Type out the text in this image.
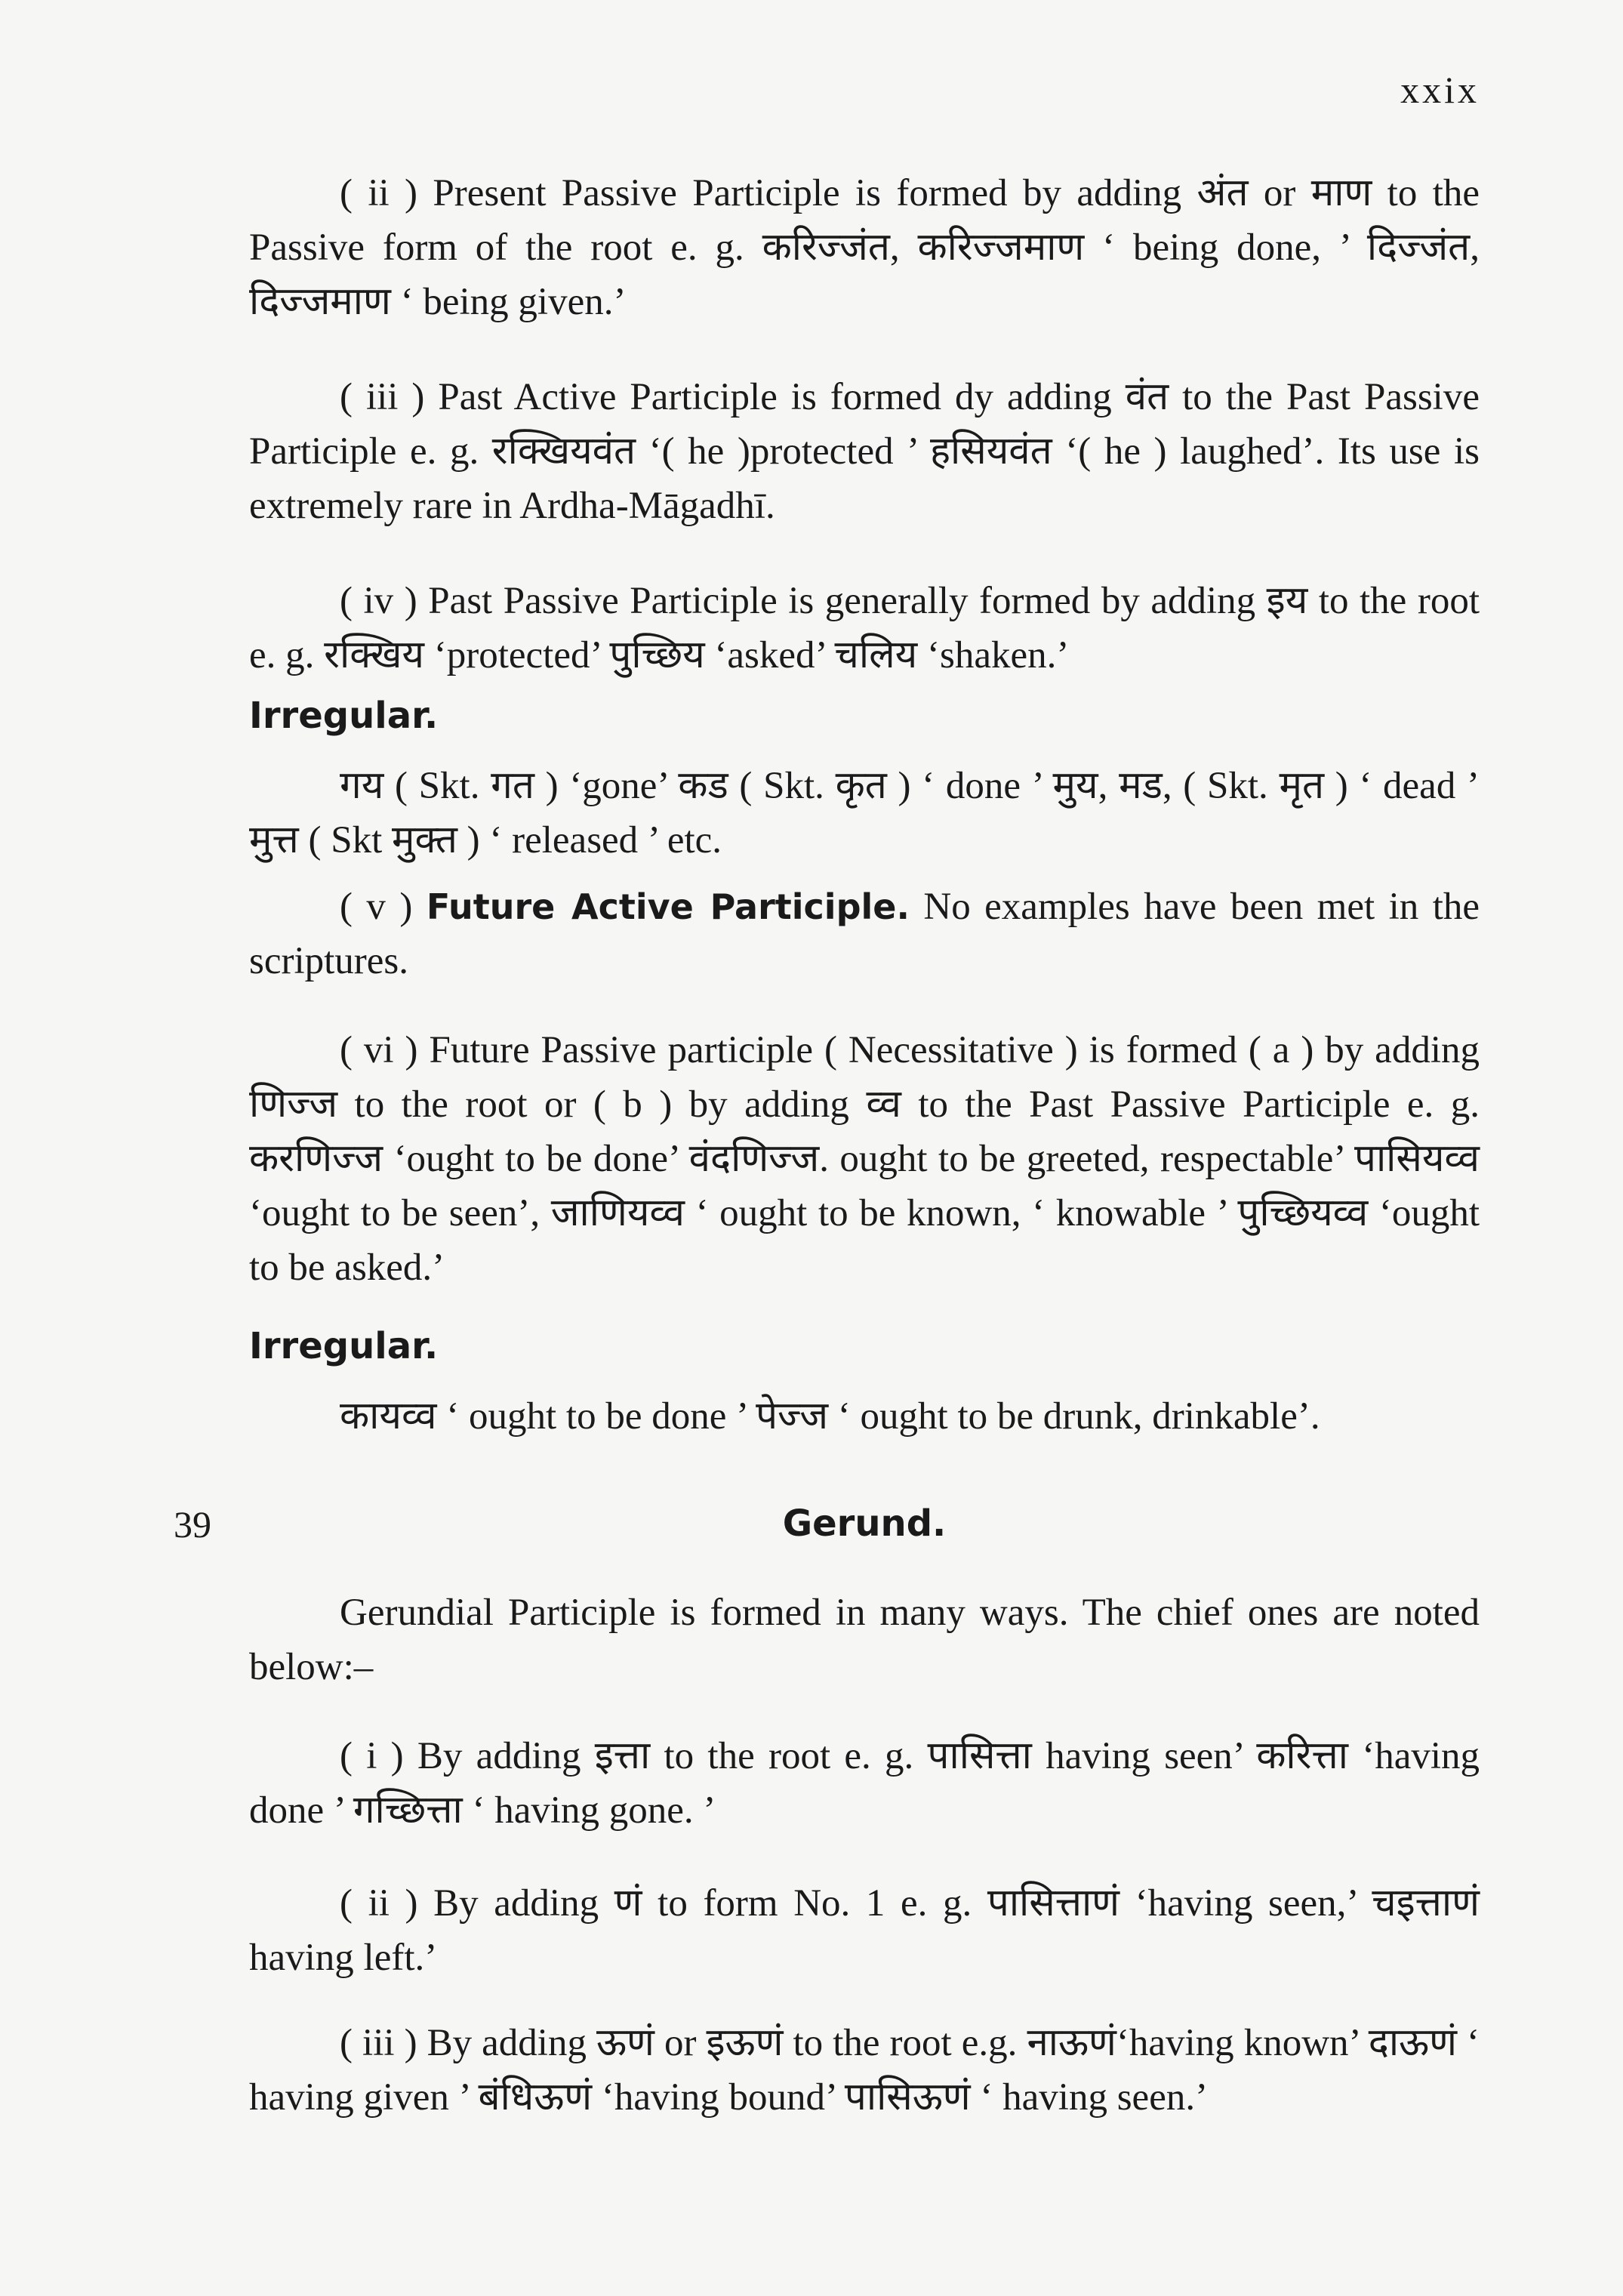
xxix

( ii ) Present Passive Participle is formed by adding अंत or माण to the Passive form of the root e. g. करिज्जंत, करिज्जमाण ‘ being done, ’ दिज्जंत, दिज्जमाण ‘ being given.’

( iii ) Past Active Participle is formed dy adding वंत to the Past Passive Participle e. g. रक्खियवंत ‘( he )protected ’ हसियवंत ‘( he ) laughed’. Its use is extremely rare in Ardha-Māgadhī.

( iv ) Past Passive Participle is generally formed by adding इय to the root e. g. रक्खिय ‘protected’ पुच्छिय ‘asked’ चलिय ‘shaken.’

Irregular.

गय ( Skt. गत ) ‘gone’ कड ( Skt. कृत ) ‘ done ’ मुय, मड, ( Skt. मृत ) ‘ dead ’ मुत्त ( Skt मुक्त ) ‘ released ’ etc.

( v ) Future Active Participle. No examples have been met in the scriptures.

( vi ) Future Passive participle ( Necessitative ) is formed ( a ) by adding णिज्ज to the root or ( b ) by adding व्व to the Past Passive Participle e. g. करणिज्ज ‘ought to be done’ वंदणिज्ज. ought to be greeted, respectable’ पासियव्व ‘ought to be seen’, जाणियव्व ‘ ought to be known, ‘ knowable ’ पुच्छियव्व ‘ought to be asked.’

Irregular.

कायव्व ‘ ought to be done ’ पेज्ज ‘ ought to be drunk, drinkable’.

39	Gerund.

Gerundial Participle is formed in many ways. The chief ones are noted below:–

( i ) By adding इत्ता to the root e. g. पासित्ता having seen’ करित्ता ‘having done ’ गच्छित्ता ‘ having gone. ’

( ii ) By adding णं to form No. 1 e. g. पासित्ताणं ‘having seen,’ चइत्ताणं having left.’

( iii ) By adding ऊणं or इऊणं to the root e.g. नाऊणं‘having known’ दाऊणं ‘ having given ’ बंधिऊणं ‘having bound’ पासिऊणं ‘ having seen.’
